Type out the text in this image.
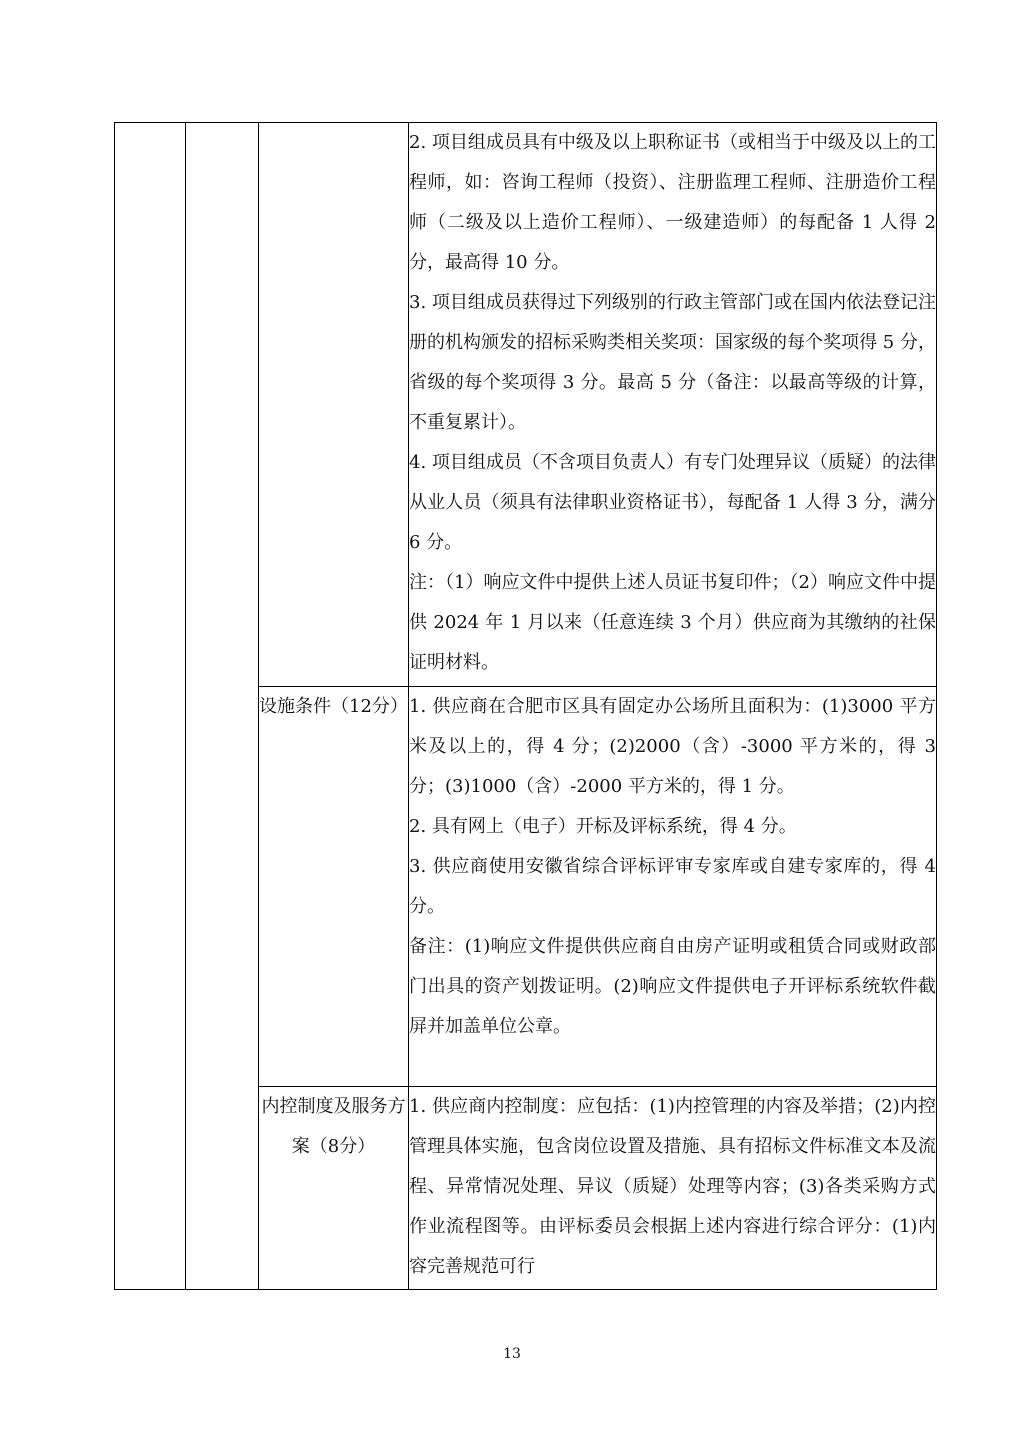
			2. 项目组成员具有中级及以上职称证书（或相当于中级及以上的工程师，如：咨询工程师（投资）、注册监理工程师、注册造价工程师（二级及以上造价工程师）、一级建造师）的每配备 1 人得 2 分，最高得 10 分。

3. 项目组成员获得过下列级别的行政主管部门或在国内依法登记注册的机构颁发的招标采购类相关奖项：国家级的每个奖项得 5 分，省级的每个奖项得 3 分。最高 5 分（备注：以最高等级的计算，不重复累计）。

4. 项目组成员（不含项目负责人）有专门处理异议（质疑）的法律从业人员（须具有法律职业资格证书），每配备 1 人得 3 分，满分 6 分。

注：（1）响应文件中提供上述人员证书复印件；（2）响应文件中提供 2024 年 1 月以来（任意连续 3 个月）供应商为其缴纳的社保证明材料。

		设施条件（12分）	1. 供应商在合肥市区具有固定办公场所且面积为：(1)3000 平方米及以上的，得 4 分；(2)2000（含）-3000 平方米的，得 3 分；(3)1000（含）-2000 平方米的，得 1 分。

2. 具有网上（电子）开标及评标系统，得 4 分。

3. 供应商使用安徽省综合评标评审专家库或自建专家库的，得 4 分。

备注：(1)响应文件提供供应商自由房产证明或租赁合同或财政部门出具的资产划拨证明。(2)响应文件提供电子开评标系统软件截屏并加盖单位公章。

		内控制度及服务方案（8分）	1. 供应商内控制度：应包括：(1)内控管理的内容及举措；(2)内控管理具体实施，包含岗位设置及措施、具有招标文件标准文本及流程、异常情况处理、异议（质疑）处理等内容；(3)各类采购方式作业流程图等。由评标委员会根据上述内容进行综合评分：(1)内容完善规范可行

13
